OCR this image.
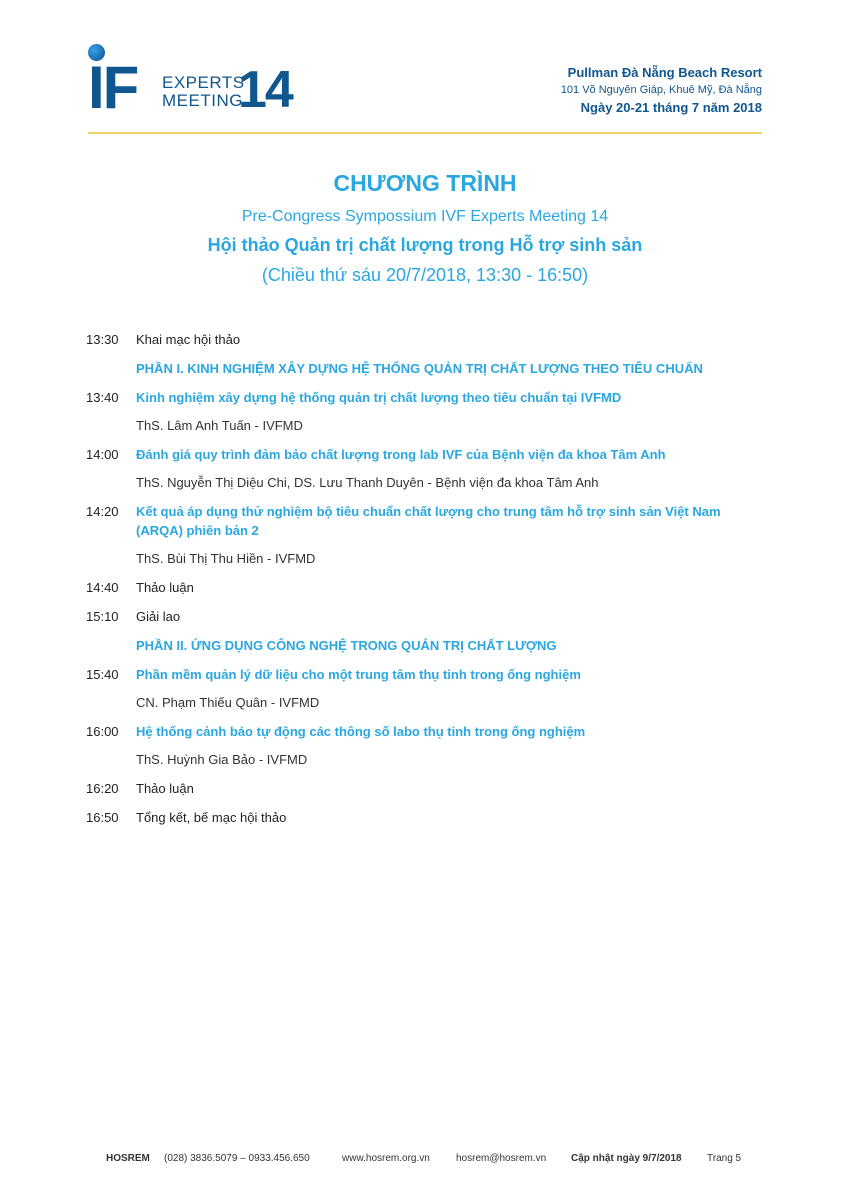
IF EXPERTS
MEETING
14	Pullman Đà Nẵng Beach Resort
101 Võ Nguyên Giáp, Khuê Mỹ, Đà Nẵng
Ngày 20-21 tháng 7 năm 2018
CHƯƠNG TRÌNH
Pre-Congress Sympossium IVF Experts Meeting 14
Hội thảo Quản trị chất lượng trong Hỗ trợ sinh sản
(Chiều thứ sáu 20/7/2018, 13:30 - 16:50)
13:30	Khai mạc hội thảo
PHẦN I. KINH NGHIỆM XÂY DỰNG HỆ THỐNG QUẢN TRỊ CHẤT LƯỢNG THEO TIÊU CHUẨN
13:40	Kinh nghiệm xây dựng hệ thống quản trị chất lượng theo tiêu chuẩn tại IVFMD
ThS. Lâm Anh Tuấn - IVFMD
14:00	Đánh giá quy trình đảm bảo chất lượng trong lab IVF của Bệnh viện đa khoa Tâm Anh
ThS. Nguyễn Thị Diệu Chi, DS. Lưu Thanh Duyên - Bệnh viện đa khoa Tâm Anh
14:20	Kết quả áp dụng thử nghiệm bộ tiêu chuẩn chất lượng cho trung tâm hỗ trợ sinh sản Việt Nam (ARQA) phiên bản 2
ThS. Bùi Thị Thu Hiền - IVFMD
14:40	Thảo luận
15:10	Giải lao
PHẦN II. ỨNG DỤNG CÔNG NGHỆ TRONG QUẢN TRỊ CHẤT LƯỢNG
15:40	Phần mềm quản lý dữ liệu cho một trung tâm thụ tinh trong ống nghiệm
CN. Phạm Thiếu Quân - IVFMD
16:00	Hệ thống cảnh báo tự động các thông số labo thụ tinh trong ống nghiệm
ThS. Huỳnh Gia Bảo - IVFMD
16:20	Thảo luận
16:50	Tổng kết, bế mạc hội thảo
HOSREM	(028) 3836.5079 – 0933.456.650	www.hosrem.org.vn	hosrem@hosrem.vn	Cập nhật ngày 9/7/2018	Trang 5
